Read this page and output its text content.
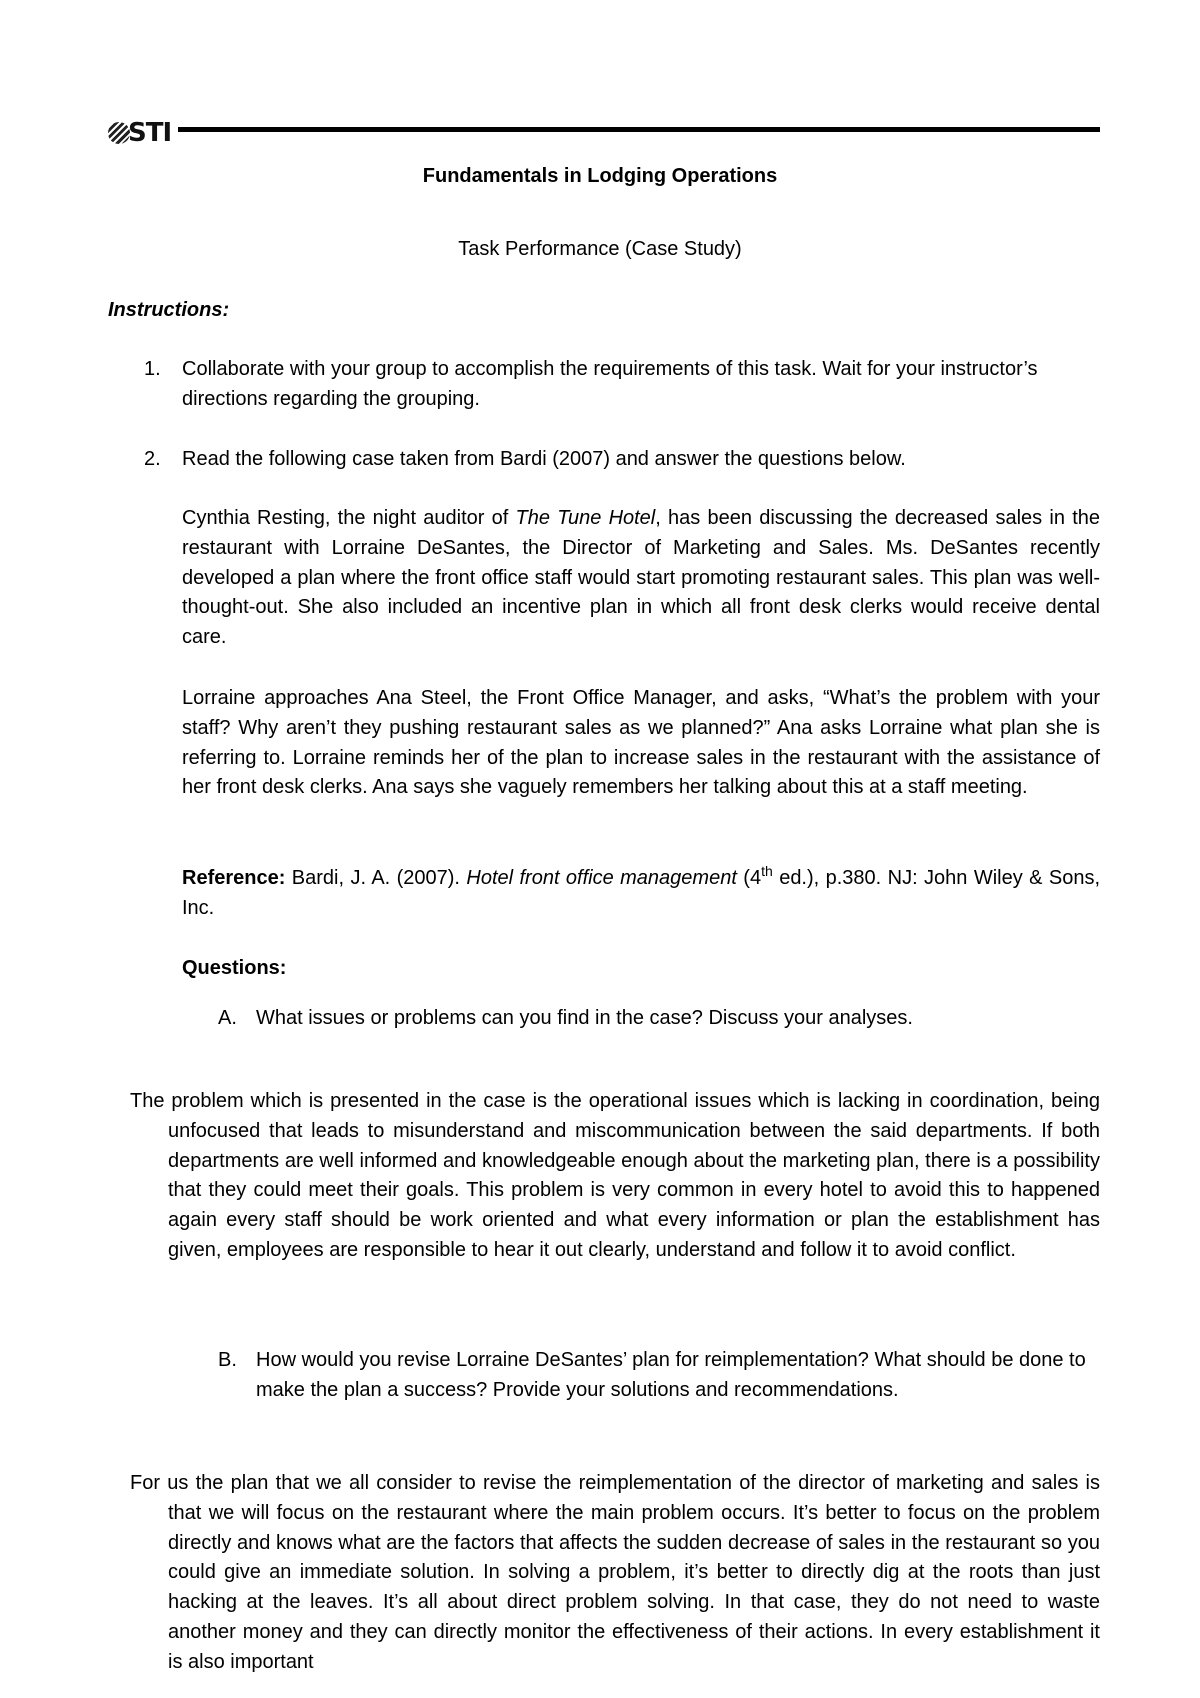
STI
Fundamentals in Lodging Operations
Task Performance (Case Study)
Instructions:
1. Collaborate with your group to accomplish the requirements of this task. Wait for your instructor’s directions regarding the grouping.
2. Read the following case taken from Bardi (2007) and answer the questions below.

Cynthia Resting, the night auditor of The Tune Hotel, has been discussing the decreased sales in the restaurant with Lorraine DeSantes, the Director of Marketing and Sales. Ms. DeSantes recently developed a plan where the front office staff would start promoting restaurant sales. This plan was well-thought-out. She also included an incentive plan in which all front desk clerks would receive dental care.

Lorraine approaches Ana Steel, the Front Office Manager, and asks, “What’s the problem with your staff? Why aren’t they pushing restaurant sales as we planned?” Ana asks Lorraine what plan she is referring to. Lorraine reminds her of the plan to increase sales in the restaurant with the assistance of her front desk clerks. Ana says she vaguely remembers her talking about this at a staff meeting.

Reference: Bardi, J. A. (2007). Hotel front office management (4th ed.), p.380. NJ: John Wiley & Sons, Inc.

Questions:
A. What issues or problems can you find in the case? Discuss your analyses.

The problem which is presented in the case is the operational issues which is lacking in coordination, being unfocused that leads to misunderstand and miscommunication between the said departments. If both departments are well informed and knowledgeable enough about the marketing plan, there is a possibility that they could meet their goals. This problem is very common in every hotel to avoid this to happened again every staff should be work oriented and what every information or plan the establishment has given, employees are responsible to hear it out clearly, understand and follow it to avoid conflict.

B. How would you revise Lorraine DeSantes’ plan for reimplementation? What should be done to make the plan a success? Provide your solutions and recommendations.

For us the plan that we all consider to revise the reimplementation of the director of marketing and sales is that we will focus on the restaurant where the main problem occurs. It’s better to focus on the problem directly and knows what are the factors that affects the sudden decrease of sales in the restaurant so you could give an immediate solution. In solving a problem, it’s better to directly dig at the roots than just hacking at the leaves. It’s all about direct problem solving. In that case, they do not need to waste another money and they can directly monitor the effectiveness of their actions. In every establishment it is also important
